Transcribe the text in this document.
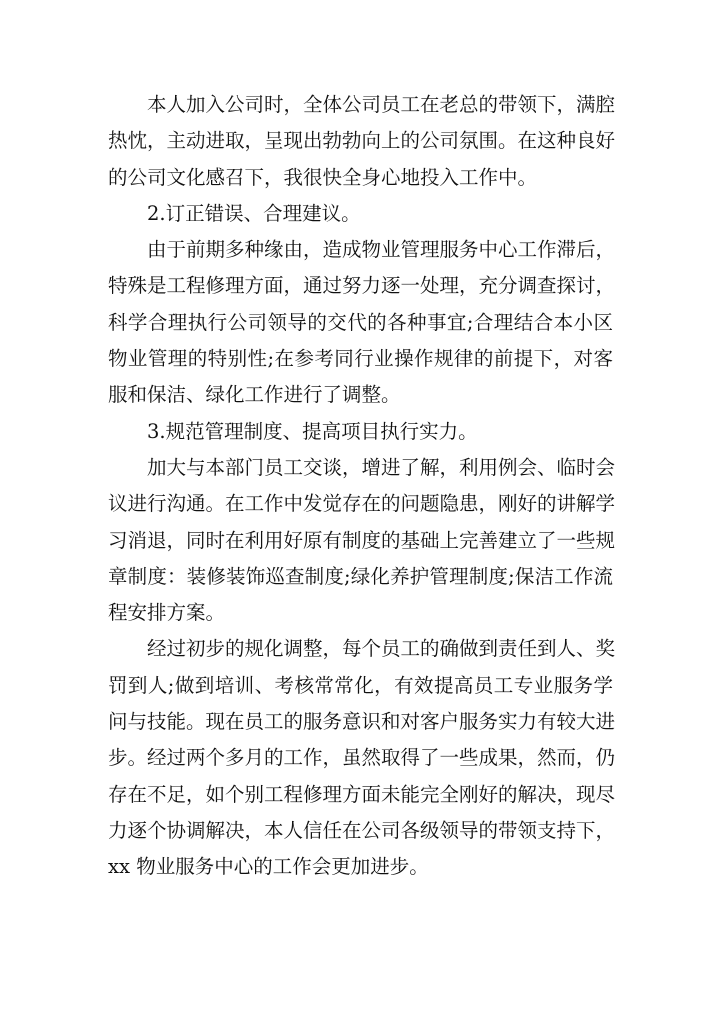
本人加入公司时，全体公司员工在老总的带领下，满腔
热忱，主动进取，呈现出勃勃向上的公司氛围。在这种良好
的公司文化感召下，我很快全身心地投入工作中。
2.订正错误、合理建议。
由于前期多种缘由，造成物业管理服务中心工作滞后，
特殊是工程修理方面，通过努力逐一处理，充分调查探讨，
科学合理执行公司领导的交代的各种事宜;合理结合本小区
物业管理的特别性;在参考同行业操作规律的前提下，对客
服和保洁、绿化工作进行了调整。
3.规范管理制度、提高项目执行实力。
加大与本部门员工交谈，增进了解，利用例会、临时会
议进行沟通。在工作中发觉存在的问题隐患，刚好的讲解学
习消退，同时在利用好原有制度的基础上完善建立了一些规
章制度：装修装饰巡查制度;绿化养护管理制度;保洁工作流
程安排方案。
经过初步的规化调整，每个员工的确做到责任到人、奖
罚到人;做到培训、考核常常化，有效提高员工专业服务学
问与技能。现在员工的服务意识和对客户服务实力有较大进
步。经过两个多月的工作，虽然取得了一些成果，然而，仍
存在不足，如个别工程修理方面未能完全刚好的解决，现尽
力逐个协调解决，本人信任在公司各级领导的带领支持下，
xx 物业服务中心的工作会更加进步。
